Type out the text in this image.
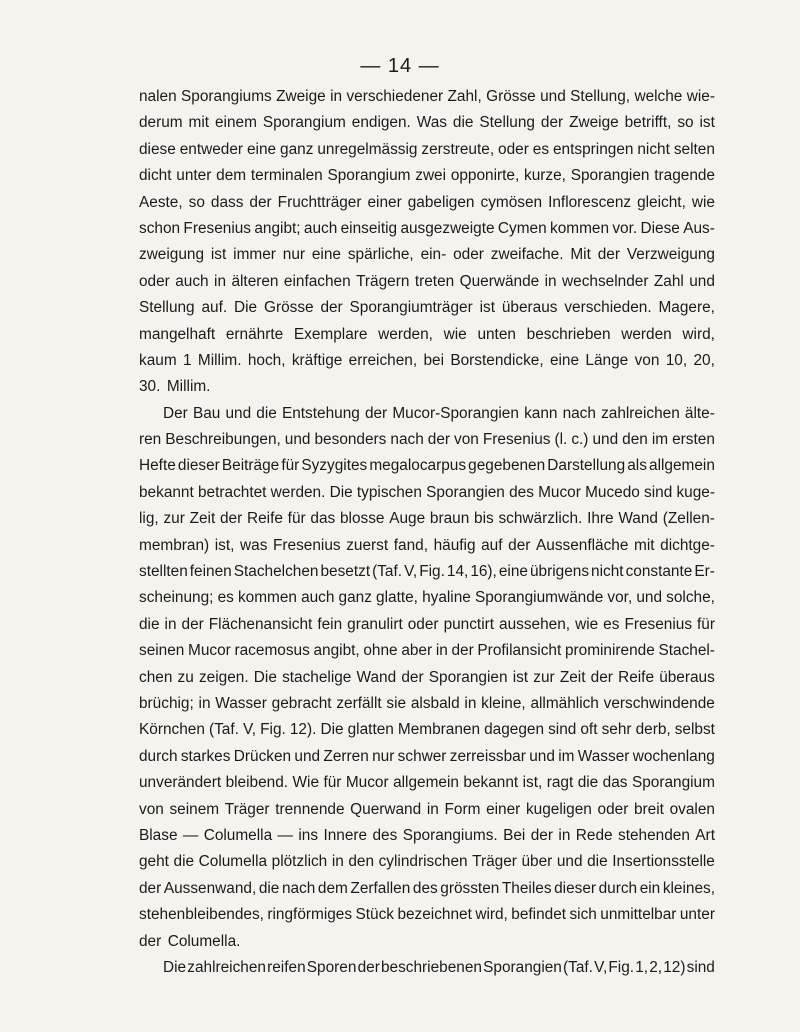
— 14 —
nalen Sporangiums Zweige in verschiedener Zahl, Grösse und Stellung, welche wie-
derum mit einem Sporangium endigen. Was die Stellung der Zweige betrifft, so ist
diese entweder eine ganz unregelmässig zerstreute, oder es entspringen nicht selten
dicht unter dem terminalen Sporangium zwei opponirte, kurze, Sporangien tragende
Aeste, so dass der Fruchtträger einer gabeligen cymösen Inflorescenz gleicht, wie
schon Fresenius angibt; auch einseitig ausgezweigte Cymen kommen vor. Diese Aus-
zweigung ist immer nur eine spärliche, ein- oder zweifache. Mit der Verzweigung
oder auch in älteren einfachen Trägern treten Querwände in wechselnder Zahl und
Stellung auf. Die Grösse der Sporangiumträger ist überaus verschieden. Magere,
mangelhaft ernährte Exemplare werden, wie unten beschrieben werden wird,
kaum 1 Millim. hoch, kräftige erreichen, bei Borstendicke, eine Länge von 10, 20,
30. Millim.
Der Bau und die Entstehung der Mucor-Sporangien kann nach zahlreichen älte-
ren Beschreibungen, und besonders nach der von Fresenius (l. c.) und den im ersten
Hefte dieser Beiträge für Syzygites megalocarpus gegebenen Darstellung als allgemein
bekannt betrachtet werden. Die typischen Sporangien des Mucor Mucedo sind kuge-
lig, zur Zeit der Reife für das blosse Auge braun bis schwärzlich. Ihre Wand (Zellen-
membran) ist, was Fresenius zuerst fand, häufig auf der Aussenfläche mit dichtge-
stellten feinen Stachelchen besetzt (Taf. V, Fig. 14, 16), eine übrigens nicht constante Er-
scheinung; es kommen auch ganz glatte, hyaline Sporangiumwände vor, und solche,
die in der Flächenansicht fein granulirt oder punctirt aussehen, wie es Fresenius für
seinen Mucor racemosus angibt, ohne aber in der Profilansicht prominirende Stachel-
chen zu zeigen. Die stachelige Wand der Sporangien ist zur Zeit der Reife überaus
brüchig; in Wasser gebracht zerfällt sie alsbald in kleine, allmählich verschwindende
Körnchen (Taf. V, Fig. 12). Die glatten Membranen dagegen sind oft sehr derb, selbst
durch starkes Drücken und Zerren nur schwer zerreissbar und im Wasser wochenlang
unverändert bleibend. Wie für Mucor allgemein bekannt ist, ragt die das Sporangium
von seinem Träger trennende Querwand in Form einer kugeligen oder breit ovalen
Blase — Columella — ins Innere des Sporangiums. Bei der in Rede stehenden Art
geht die Columella plötzlich in den cylindrischen Träger über und die Insertionsstelle
der Aussenwand, die nach dem Zerfallen des grössten Theiles dieser durch ein kleines,
stehenbleibendes, ringförmiges Stück bezeichnet wird, befindet sich unmittelbar unter
der Columella.
Die zahlreichen reifen Sporen der beschriebenen Sporangien (Taf. V, Fig. 1, 2, 12) sind
